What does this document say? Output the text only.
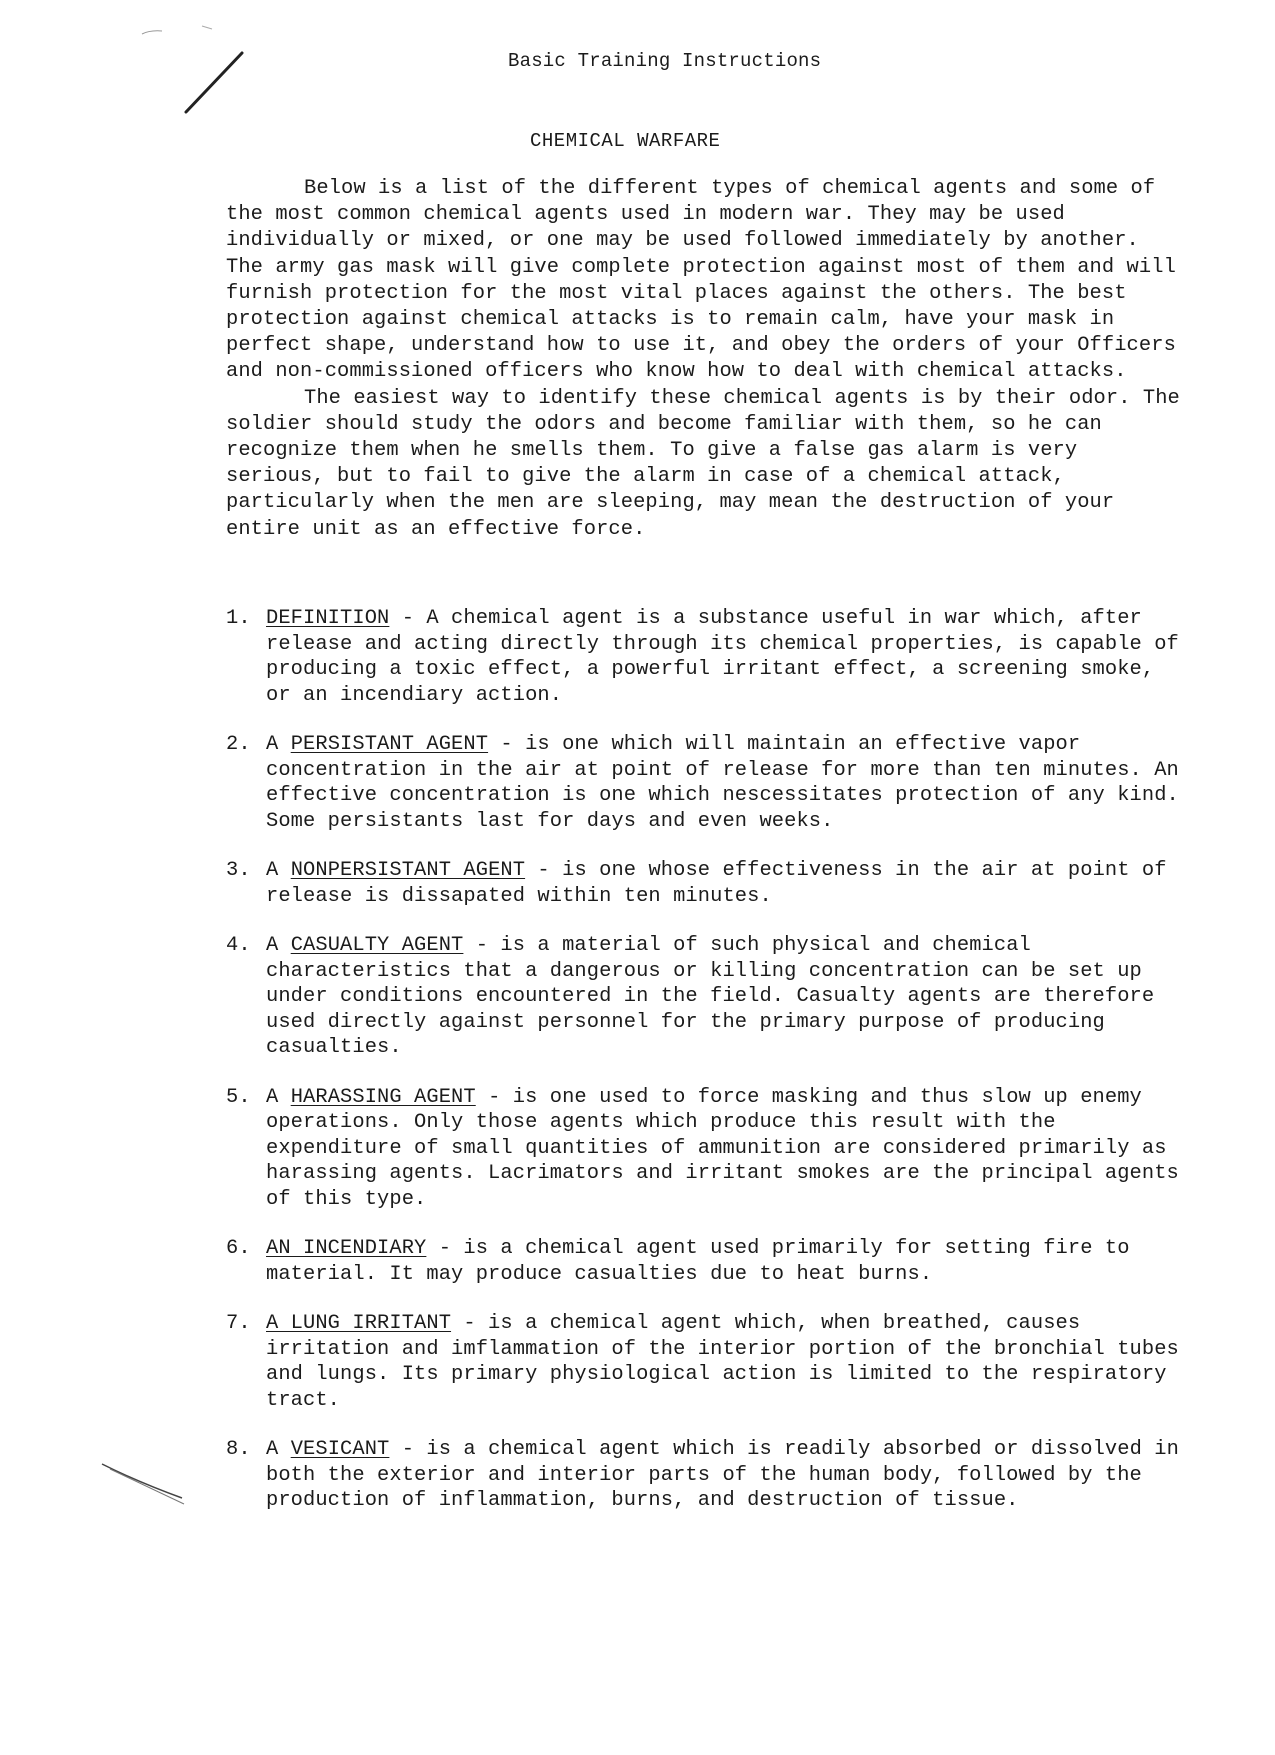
Basic Training Instructions
CHEMICAL WARFARE

Below is a list of the different types of chemical agents and some of the most common chemical agents used in modern war. They may be used individually or mixed, or one may be used followed immediately by another. The army gas mask will give complete protection against most of them and will furnish protection for the most vital places against the others. The best protection against chemical attacks is to remain calm, have your mask in perfect shape, understand how to use it, and obey the orders of your Officers and non-commissioned officers who know how to deal with chemical attacks.

The easiest way to identify these chemical agents is by their odor. The soldier should study the odors and become familiar with them, so he can recognize them when he smells them. To give a false gas alarm is very serious, but to fail to give the alarm in case of a chemical attack, particularly when the men are sleeping, may mean the destruction of your entire unit as an effective force.

1. DEFINITION - A chemical agent is a substance useful in war which, after release and acting directly through its chemical properties, is capable of producing a toxic effect, a powerful irritant effect, a screening smoke, or an incendiary action.
2. A PERSISTANT AGENT - is one which will maintain an effective vapor concentration in the air at point of release for more than ten minutes. An effective concentration is one which nescessitates protection of any kind. Some persistants last for days and even weeks.
3. A NONPERSISTANT AGENT - is one whose effectiveness in the air at point of release is dissapated within ten minutes.
4. A CASUALTY AGENT - is a material of such physical and chemical characteristics that a dangerous or killing concentration can be set up under conditions encountered in the field. Casualty agents are therefore used directly against personnel for the primary purpose of producing casualties.
5. A HARASSING AGENT - is one used to force masking and thus slow up enemy operations. Only those agents which produce this result with the expenditure of small quantities of ammunition are considered primarily as harassing agents. Lacrimators and irritant smokes are the principal agents of this type.
6. AN INCENDIARY - is a chemical agent used primarily for setting fire to material. It may produce casualties due to heat burns.
7. A LUNG IRRITANT - is a chemical agent which, when breathed, causes irritation and imflammation of the interior portion of the bronchial tubes and lungs. Its primary physiological action is limited to the respiratory tract.
8. A VESICANT - is a chemical agent which is readily absorbed or dissolved in both the exterior and interior parts of the human body, followed by the production of inflammation, burns, and destruction of tissue.
